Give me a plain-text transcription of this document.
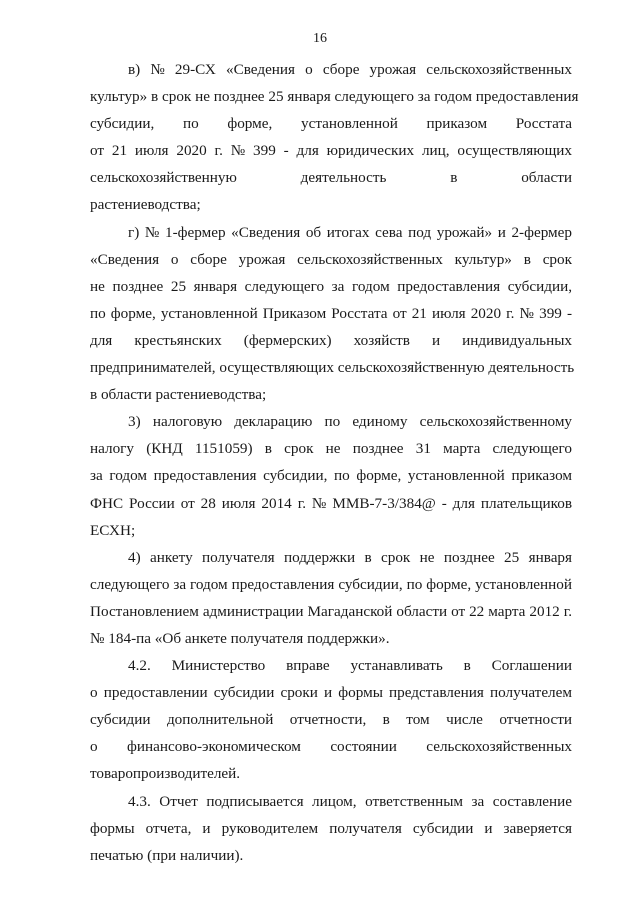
16
в) № 29-СХ «Сведения о сборе урожая сельскохозяйственных
культур» в срок не позднее 25 января следующего за годом предоставления
субсидии, по форме, установленной приказом Росстата
от 21 июля 2020 г. № 399 - для юридических лиц, осуществляющих
сельскохозяйственную деятельность в области
растениеводства;
г) № 1-фермер «Сведения об итогах сева под урожай» и 2-фермер
«Сведения о сборе урожая сельскохозяйственных культур» в срок
не позднее 25 января следующего за годом предоставления субсидии,
по форме, установленной Приказом Росстата от 21 июля 2020 г. № 399 -
для крестьянских (фермерских) хозяйств и индивидуальных
предпринимателей, осуществляющих сельскохозяйственную деятельность
в области растениеводства;
3) налоговую декларацию по единому сельскохозяйственному
налогу (КНД 1151059) в срок не позднее 31 марта следующего
за годом предоставления субсидии, по форме, установленной приказом
ФНС России от 28 июля 2014 г. № ММВ-7-3/384@ - для плательщиков
ЕСХН;
4) анкету получателя поддержки в срок не позднее 25 января
следующего за годом предоставления субсидии, по форме, установленной
Постановлением администрации Магаданской области от 22 марта 2012 г.
№ 184-па «Об анкете получателя поддержки».
4.2. Министерство вправе устанавливать в Соглашении
о предоставлении субсидии сроки и формы представления получателем
субсидии дополнительной отчетности, в том числе отчетности
о финансово-экономическом состоянии сельскохозяйственных
товаропроизводителей.
4.3. Отчет подписывается лицом, ответственным за составление
формы отчета, и руководителем получателя субсидии и заверяется
печатью (при наличии).
